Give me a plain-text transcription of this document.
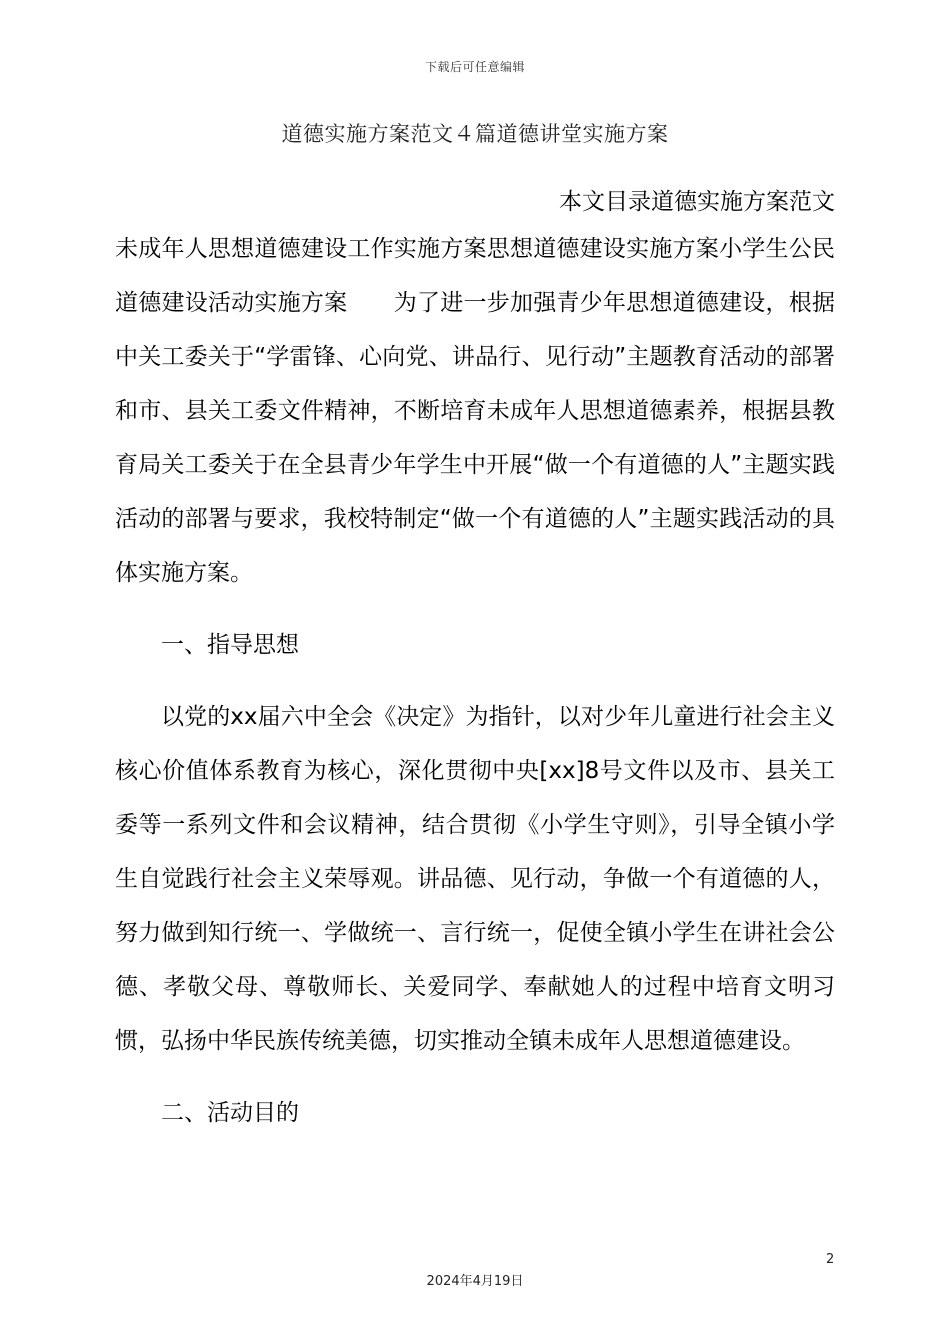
下载后可任意编辑
道德实施方案范文４篇道德讲堂实施方案
本文目录道德实施方案范文

未成年人思想道德建设工作实施方案思想道德建设实施方案小学生公民道德建设活动实施方案　　为了进一步加强青少年思想道德建设，根据中关工委关于“学雷锋、心向党、讲品行、见行动”主题教育活动的部署和市、县关工委文件精神，不断培育未成年人思想道德素养，根据县教育局关工委关于在全县青少年学生中开展“做一个有道德的人”主题实践活动的部署与要求，我校特制定“做一个有道德的人”主题实践活动的具体实施方案。

一、指导思想

以党的xx届六中全会《决定》为指针，以对少年儿童进行社会主义核心价值体系教育为核心，深化贯彻中央[xx]8号文件以及市、县关工委等一系列文件和会议精神，结合贯彻《小学生守则》，引导全镇小学生自觉践行社会主义荣辱观。讲品德、见行动，争做一个有道德的人，努力做到知行统一、学做统一、言行统一，促使全镇小学生在讲社会公德、孝敬父母、尊敬师长、关爱同学、奉献她人的过程中培育文明习惯，弘扬中华民族传统美德，切实推动全镇未成年人思想道德建设。

二、活动目的

2
2024年4月19日
